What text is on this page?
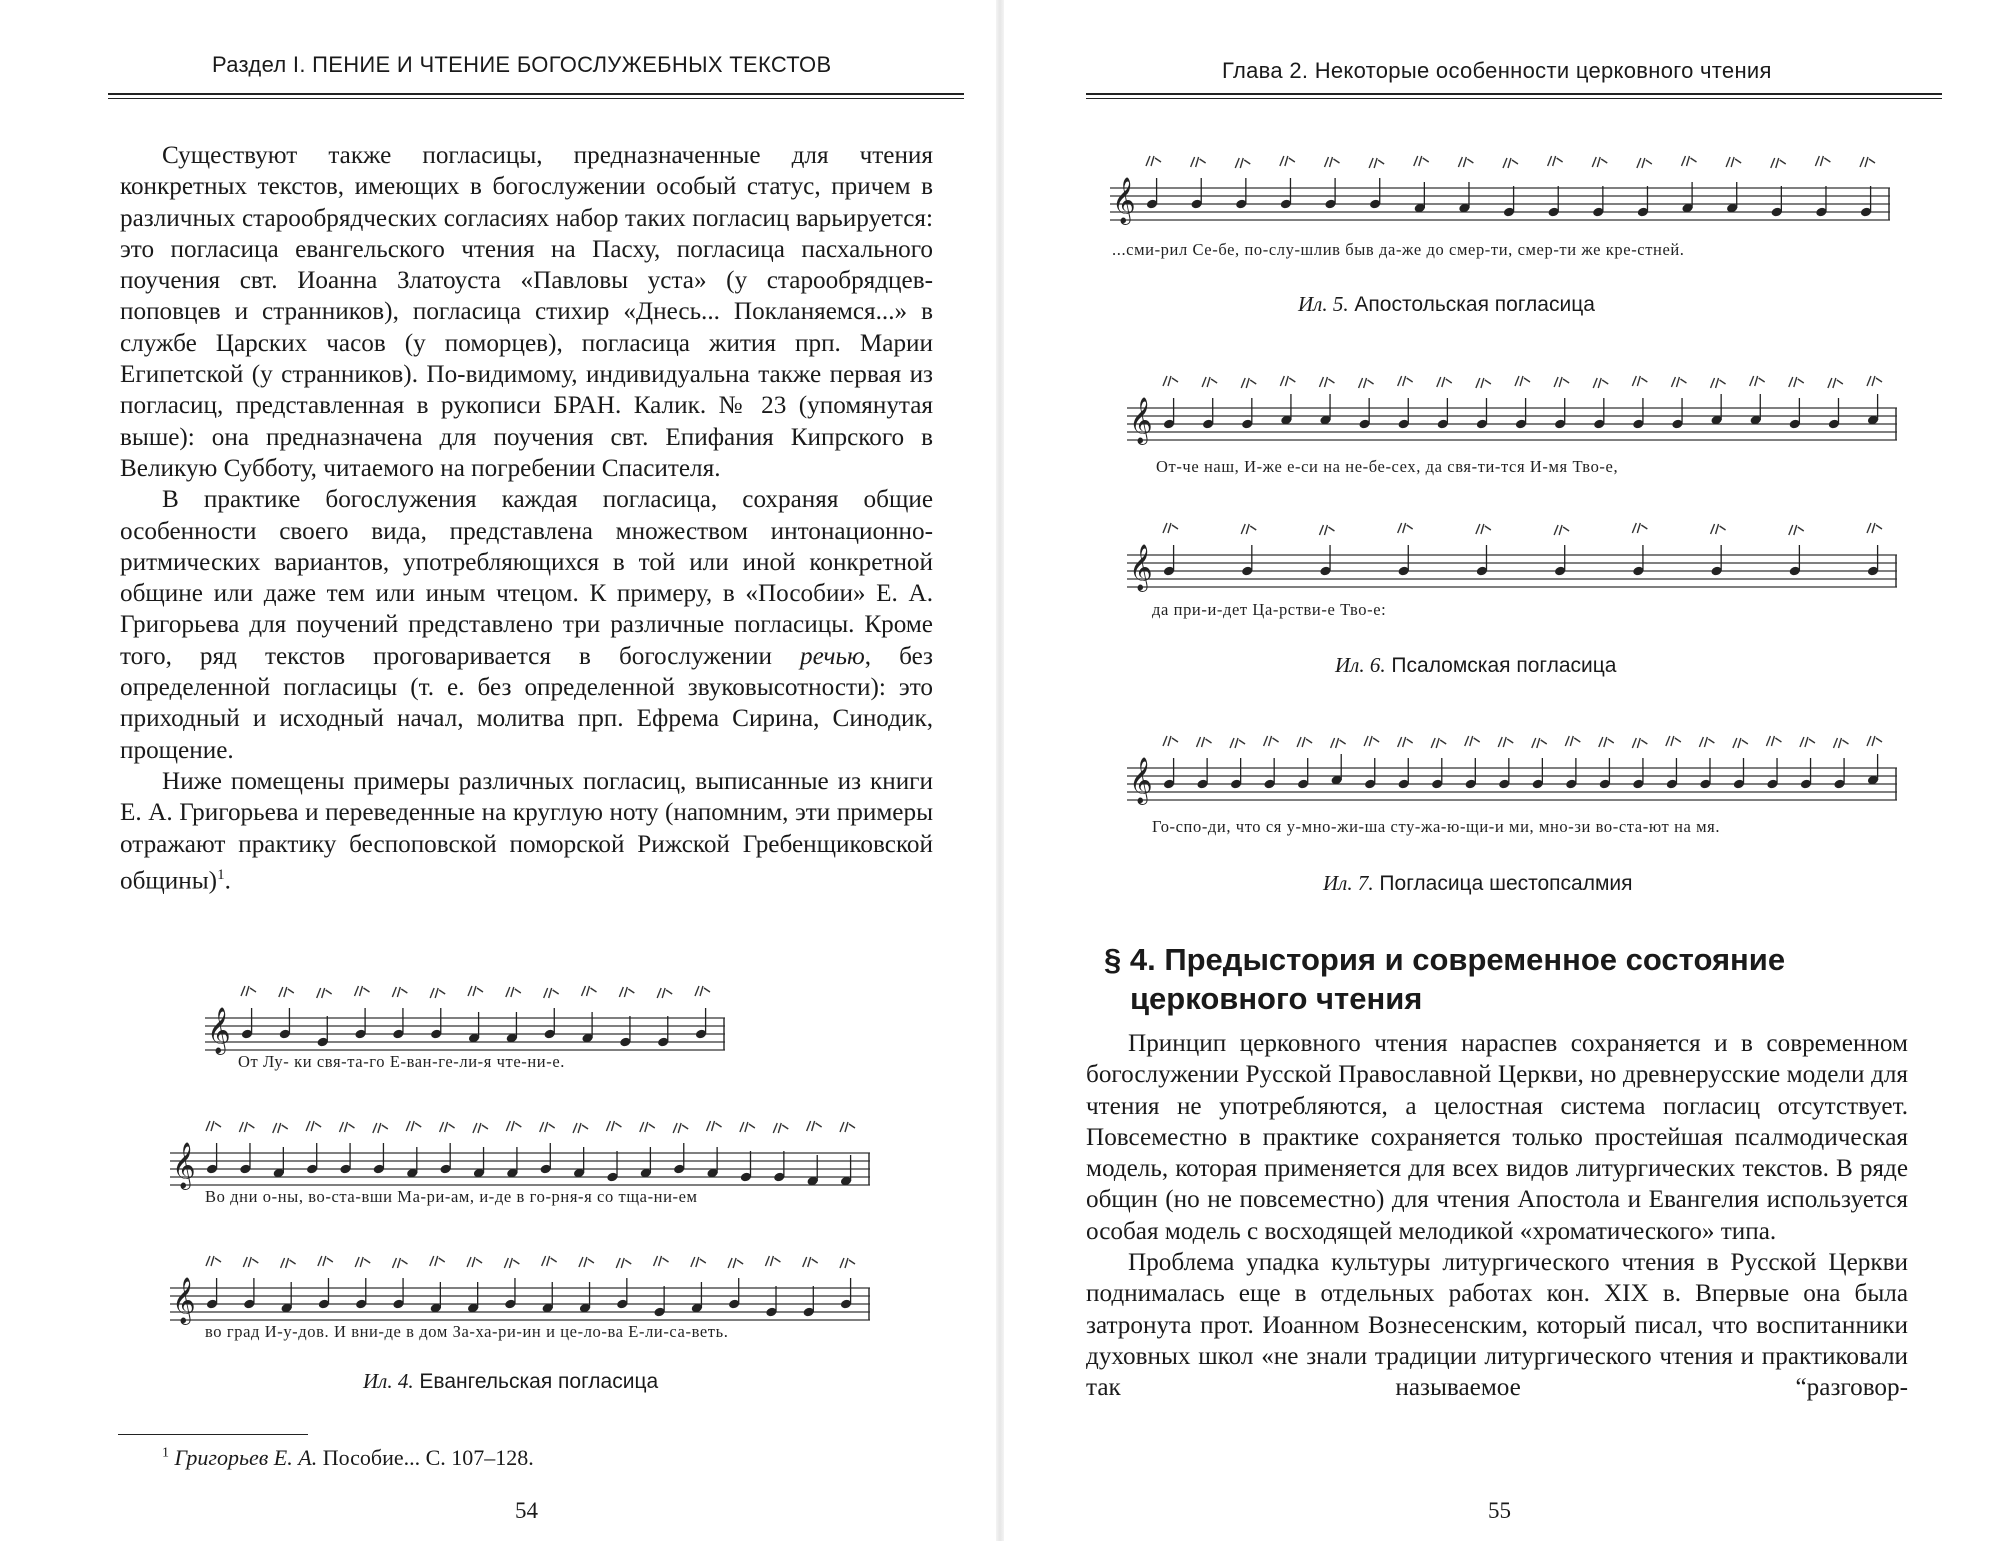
Раздел I. ПЕНИЕ И ЧТЕНИЕ БОГОСЛУЖЕБНЫХ ТЕКСТОВ

Существуют также погласицы, предназначенные для чтения конкретных текстов, имеющих в богослужении особый статус, причем в различных старообрядческих согласиях набор таких погласиц варьируется: это погласица евангельского чтения на Пасху, погласица пасхального поучения свт. Иоанна Златоуста «Павловы уста» (у старообрядцев-поповцев и странников), погласица стихир «Днесь... Покланяемся...» в службе Царских часов (у поморцев), погласица жития прп. Марии Египетской (у странников). По-видимому, индивидуальна также первая из погласиц, представленная в рукописи БРАН. Калик. № 23 (упомянутая выше): она предназначена для поучения свт. Епифания Кипрского в Великую Субботу, читаемого на погребении Спасителя.

В практике богослужения каждая погласица, сохраняя общие особенности своего вида, представлена множеством интонационно-ритмических вариантов, употребляющихся в той или иной конкретной общине или даже тем или иным чтецом. К примеру, в «Пособии» Е. А. Григорьева для поучений представлено три различные погласицы. Кроме того, ряд текстов проговаривается в богослужении речью, без определенной погласицы (т. е. без определенной звуковысотности): это приходный и исходный начал, молитва прп. Ефрема Сирина, Синодик, прощение.

Ниже помещены примеры различных погласиц, выписанные из книги Е. А. Григорьева и переведенные на круглую ноту (напомним, эти примеры отражают практику беспоповской поморской Рижской Гребенщиковской общины)$^1$.

𝄞
От Лу- ки свя-та-го Е-ван-ге-ли-я чте-ни-е.
𝄞
Во дни о-ны, во-ста-вши Ма-ри-ам, и-де в го-рня-я со тща-ни-ем
𝄞
во град И-у-дов. И вни-де в дом За-ха-ри-ин и це-ло-ва Е-ли-са-веть.
Ил. 4. Евангельская погласица
$^1$ Григорьев Е. А. Пособие... С. 107–128.
54
Глава 2. Некоторые особенности церковного чтения
𝄞
...сми-рил Се-бе, по-слу-шлив быв да-же до смер-ти, смер-ти же кре-стней.
Ил. 5. Апостольская погласица
𝄞
От-че наш, И-же е-си на не-бе-сех, да свя-ти-тся И-мя Тво-е,
𝄞
да при-и-дет Ца-рстви-е Тво-е:
Ил. 6. Псаломская погласица
𝄞
Го-спо-ди, что ся у-мно-жи-ша сту-жа-ю-щи-и ми, мно-зи во-ста-ют на мя.
Ил. 7. Погласица шестопсалмия
§ 4. Предыстория и современное состояние
церковного чтения

Принцип церковного чтения нараспев сохраняется и в современном богослужении Русской Православной Церкви, но древнерусские модели для чтения не употребляются, а целостная система погласиц отсутствует. Повсеместно в практике сохраняется только простейшая псалмодическая модель, которая применяется для всех видов литургических текстов. В ряде общин (но не повсеместно) для чтения Апостола и Евангелия используется особая модель с восходящей мелодикой «хроматического» типа.

Проблема упадка культуры литургического чтения в Русской Церкви поднималась еще в отдельных работах кон. XIX в. Впервые она была затронута прот. Иоанном Вознесенским, который писал, что воспитанники духовных школ «не знали традиции литургического чтения и практиковали так называемое “разговор-

55
